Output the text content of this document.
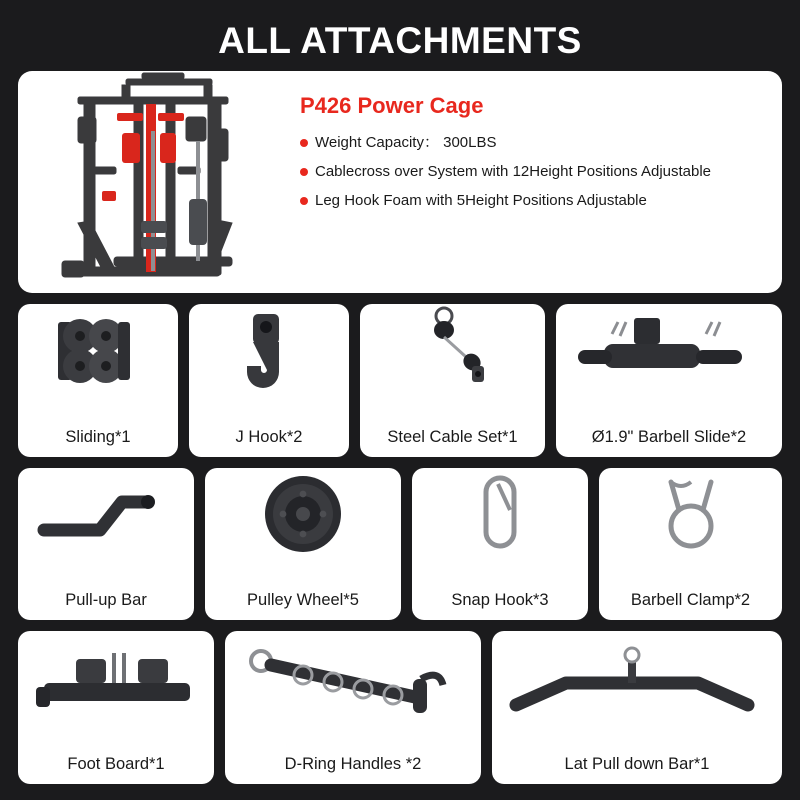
ALL ATTACHMENTS
P426 Power Cage
Weight Capacity： 300LBS
Cablecross over System with 12Height Positions Adjustable
Leg Hook Foam with 5Height Positions Adjustable
Sliding*1	J Hook*2	Steel Cable Set*1	Ø1.9" Barbell Slide*2
Pull-up Bar	Pulley Wheel*5	Snap Hook*3	Barbell Clamp*2
Foot Board*1	D-Ring Handles *2	Lat Pull down Bar*1
